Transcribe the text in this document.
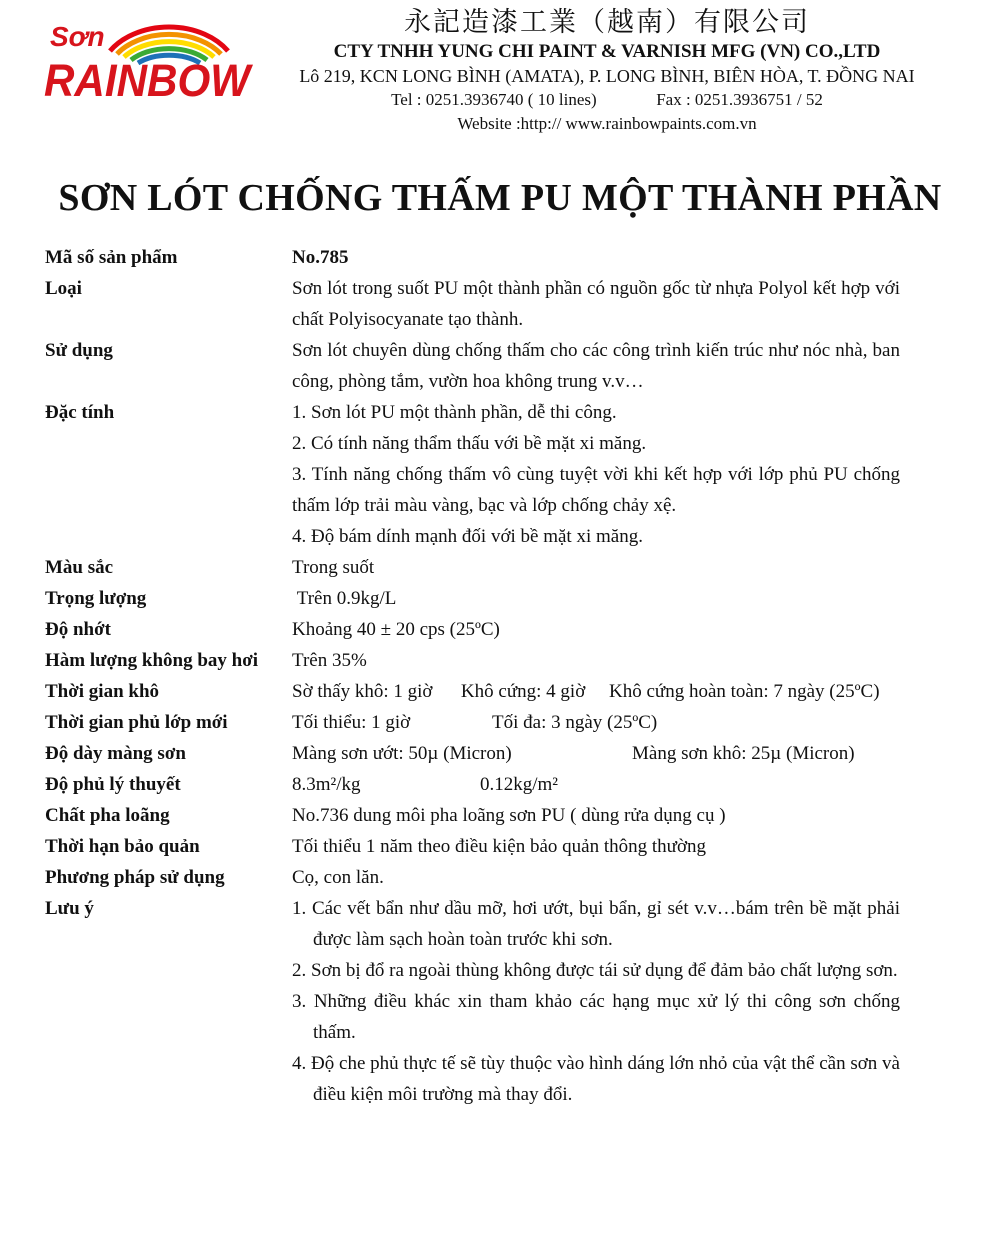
Sơn
RAINBOW
永記造漆工業（越南）有限公司
CTY TNHH YUNG CHI PAINT & VARNISH MFG (VN) CO.,LTD
Lô 219, KCN LONG BÌNH (AMATA), P. LONG BÌNH, BIÊN HÒA, T. ĐỒNG NAI
Tel : 0251.3936740 ( 10 lines)	Fax : 0251.3936751 / 52
Website :http:// www.rainbowpaints.com.vn
SƠN LÓT CHỐNG THẤM PU MỘT THÀNH PHẦN
Mã số sản phẩm	No.785
Loại	Sơn lót trong suốt PU một thành phần có nguồn gốc từ nhựa Polyol kết hợp với chất Polyisocyanate tạo thành.
Sử dụng	Sơn lót chuyên dùng chống thấm cho các công trình kiến trúc như nóc nhà, ban công, phòng tắm, vườn hoa không trung v.v…
Đặc tính	1. Sơn lót PU một thành phần, dễ thi công.
2. Có tính năng thẩm thấu với bề mặt xi măng.
3. Tính năng chống thấm vô cùng tuyệt vời khi kết hợp với lớp phủ PU chống thấm lớp trải màu vàng, bạc và lớp chống chảy xệ.
4. Độ bám dính mạnh đối với bề mặt xi măng.
Màu sắc	Trong suốt
Trọng lượng	Trên 0.9kg/L
Độ nhớt	Khoảng 40 ± 20 cps (25ºC)
Hàm lượng không bay hơi	Trên 35%
Thời gian khô	Sờ thấy khô: 1 giờ      Khô cứng: 4 giờ     Khô cứng hoàn toàn: 7 ngày (25ºC)
Thời gian phủ lớp mới	Tối thiểu: 1 giờ	Tối đa: 3 ngày (25ºC)
Độ dày màng sơn	Màng sơn ướt: 50µ (Micron)	Màng sơn khô: 25µ (Micron)
Độ phủ lý thuyết	8.3m²/kg	0.12kg/m²
Chất pha loãng	No.736 dung môi pha loãng sơn PU ( dùng rửa dụng cụ )
Thời hạn bảo quản	Tối thiểu 1 năm theo điều kiện bảo quản thông thường
Phương pháp sử dụng	Cọ, con lăn.
Lưu ý	1. Các vết bẩn như dầu mỡ, hơi ướt, bụi bẩn, gỉ sét v.v…bám trên bề mặt phải được làm sạch hoàn toàn trước khi sơn.
2. Sơn bị đổ ra ngoài thùng không được tái sử dụng để đảm bảo chất lượng sơn.
3. Những điều khác xin tham khảo các hạng mục xử lý thi công sơn chống thấm.
4. Độ che phủ thực tế sẽ tùy thuộc vào hình dáng lớn nhỏ của vật thể cần sơn và điều kiện môi trường mà thay đổi.
